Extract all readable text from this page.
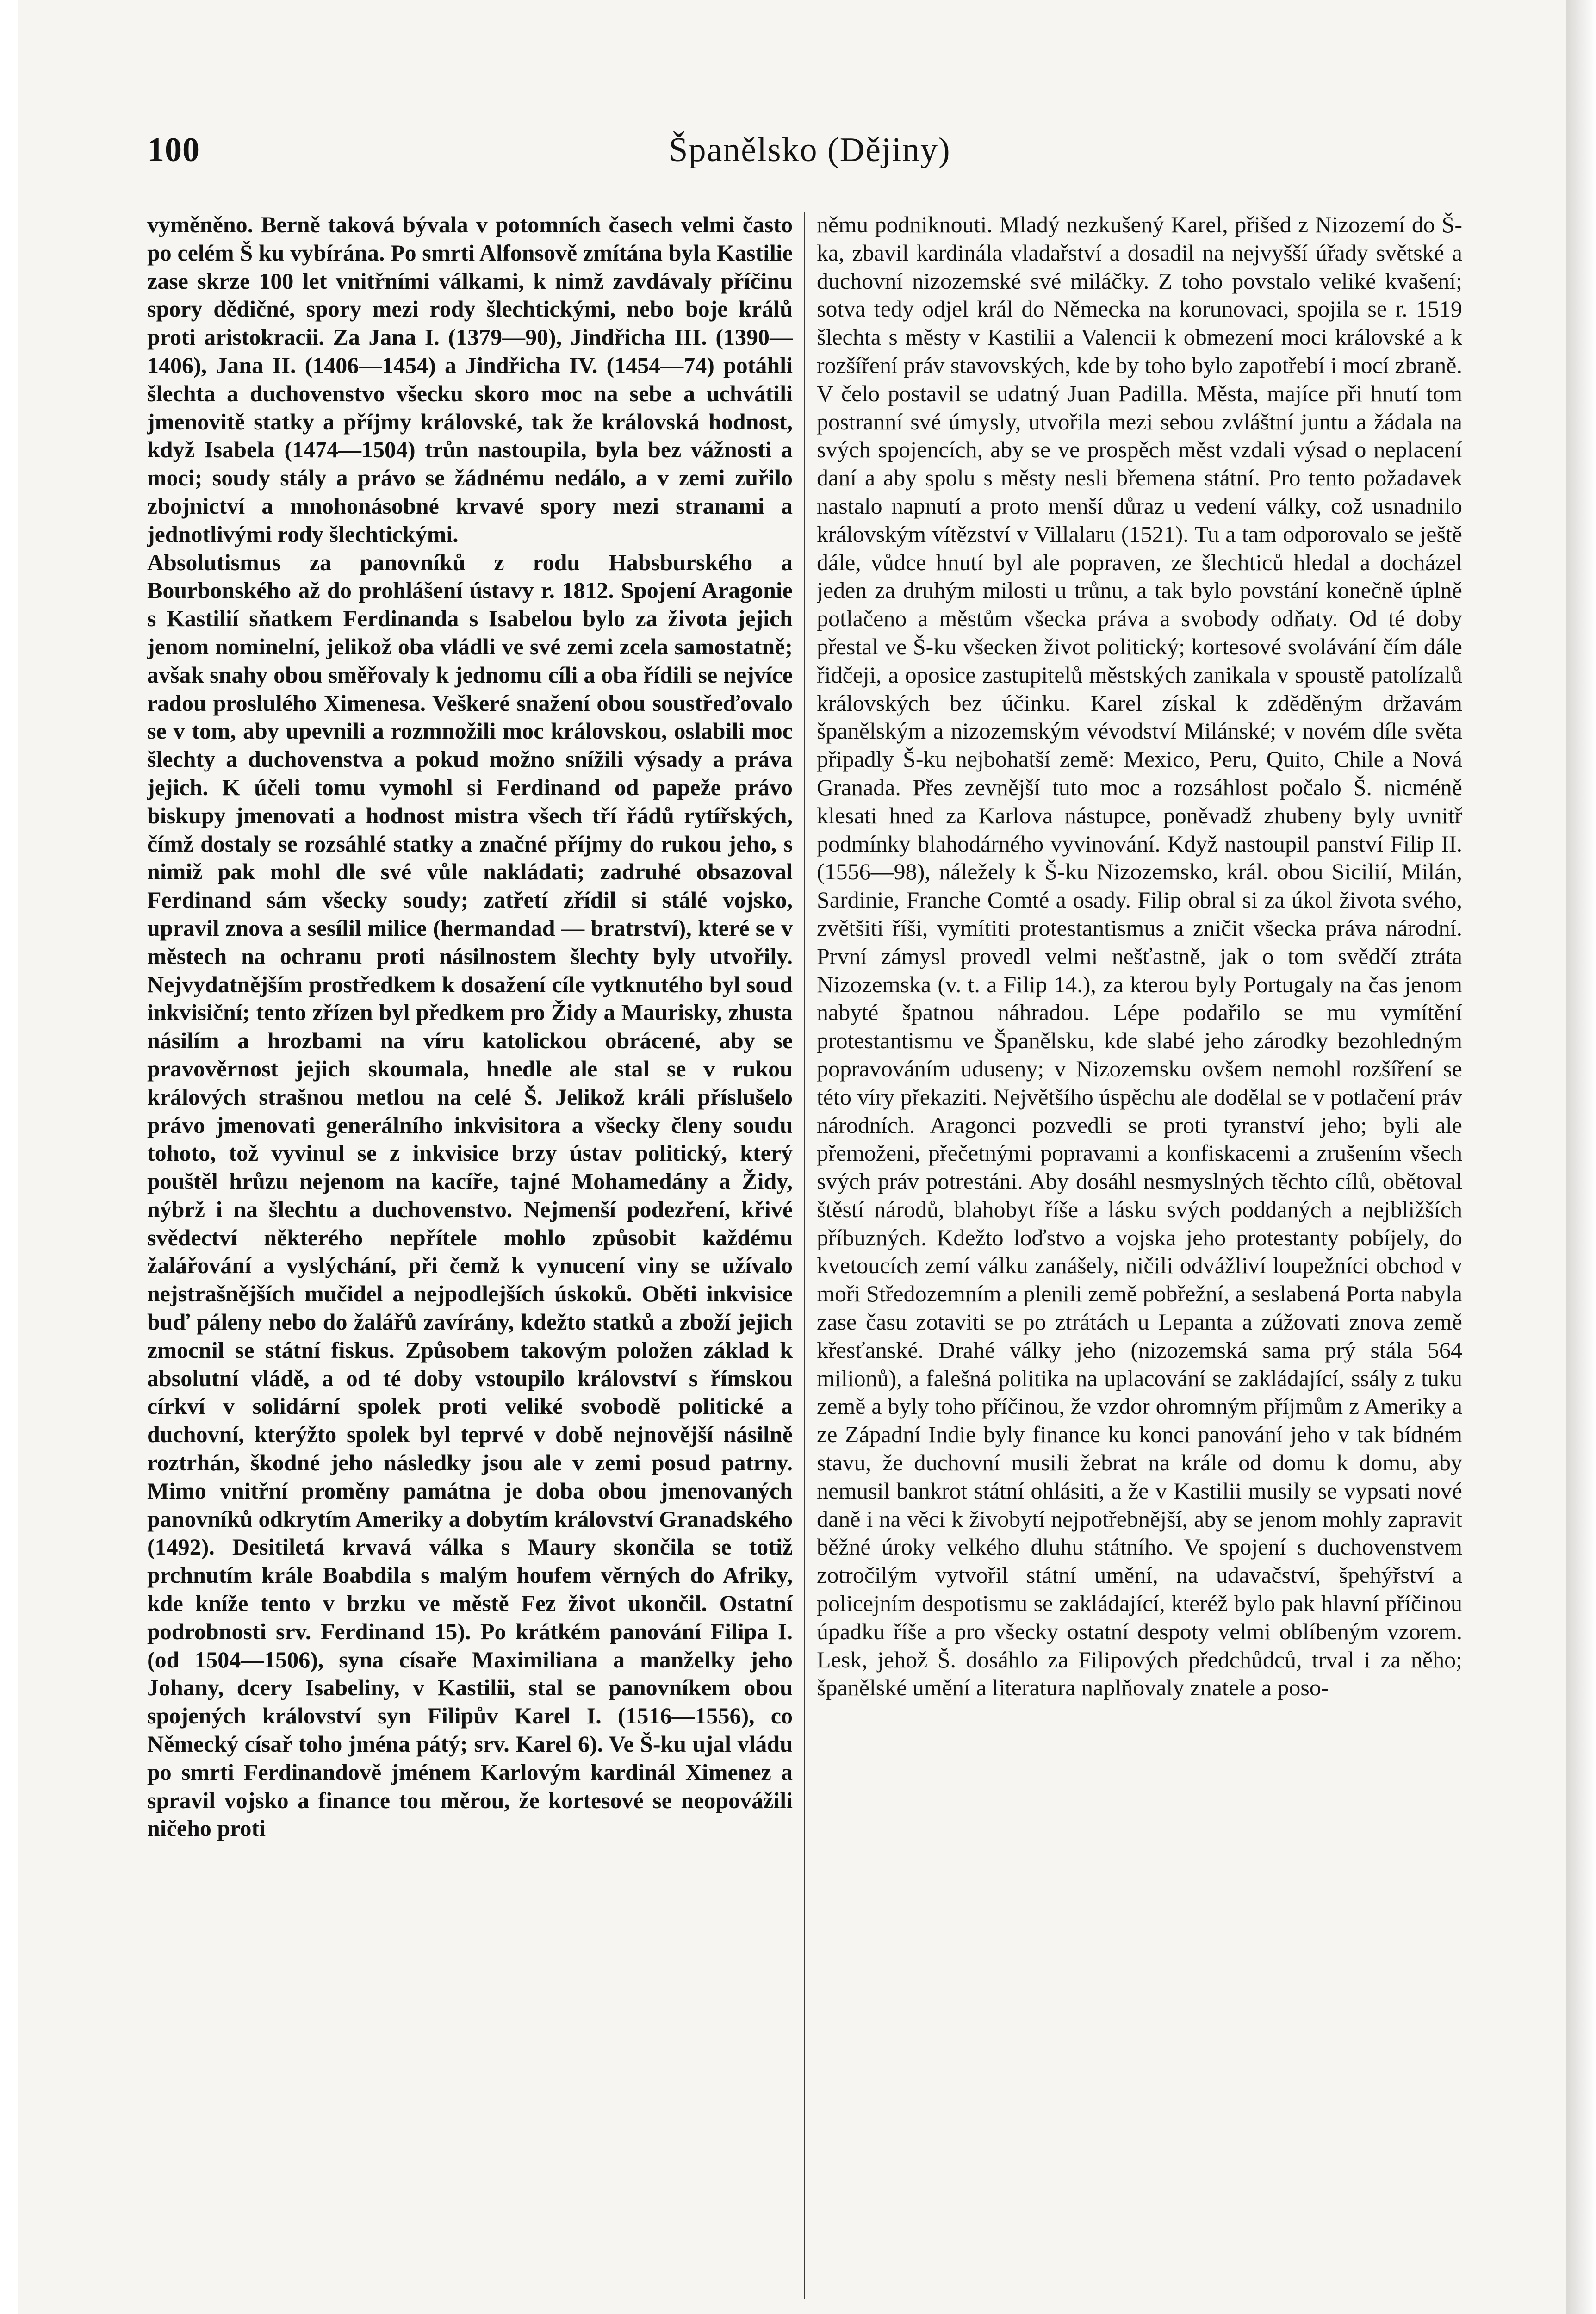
100	Španělsko (Dějiny)

vyměněno. Berně taková bývala v potomních časech velmi často po celém Š ku vybírána. Po smrti Alfonsově zmítána byla Kastilie zase skrze 100 let vnitřními válkami, k nimž zavdávaly příčinu spory dědičné, spory mezi rody šlechtickými, nebo boje králů proti aristokracii. Za Jana I. (1379—90), Jindřicha III. (1390—1406), Jana II. (1406—1454) a Jindřicha IV. (1454—74) potáhli šlechta a duchovenstvo všecku skoro moc na sebe a uchvátili jmenovitě statky a příjmy královské, tak že královská hodnost, když Isabela (1474—1504) trůn nastoupila, byla bez vážnosti a moci; soudy stály a právo se žádnému nedálo, a v zemi zuřilo zbojnictví a mnohonásobné krvavé spory mezi stranami a jednotlivými rody šlechtickými.

Absolutismus za panovníků z rodu Habsburského a Bourbonského až do prohlášení ústavy r. 1812. Spojení Aragonie s Kastilií sňatkem Ferdinanda s Isabelou bylo za života jejich jenom nominelní, jelikož oba vládli ve své zemi zcela samostatně; avšak snahy obou směřovaly k jednomu cíli a oba řídili se nejvíce radou proslulého Ximenesa. Veškeré snažení obou soustřeďovalo se v tom, aby upevnili a rozmnožili moc královskou, oslabili moc šlechty a duchovenstva a pokud možno snížili výsady a práva jejich. K účeli tomu vymohl si Ferdinand od papeže právo biskupy jmenovati a hodnost mistra všech tří řádů rytířských, čímž dostaly se rozsáhlé statky a značné příjmy do rukou jeho, s nimiž pak mohl dle své vůle nakládati; zadruhé obsazoval Ferdinand sám všecky soudy; zatřetí zřídil si stálé vojsko, upravil znova a sesílil milice (hermandad — bratrství), které se v městech na ochranu proti násilnostem šlechty byly utvořily. Nejvydatnějším prostředkem k dosažení cíle vytknutého byl soud inkvisiční; tento zřízen byl předkem pro Židy a Maurisky, zhusta násilím a hrozbami na víru katolickou obrácené, aby se pravověrnost jejich skoumala, hnedle ale stal se v rukou králových strašnou metlou na celé Š. Jelikož králi příslušelo právo jmenovati generálního inkvisitora a všecky členy soudu tohoto, tož vyvinul se z inkvisice brzy ústav politický, který pouštěl hrůzu nejenom na kacíře, tajné Mohamedány a Židy, nýbrž i na šlechtu a duchovenstvo. Nejmenší podezření, křivé svědectví některého nepřítele mohlo způsobit každému žalářování a vyslýchání, při čemž k vynucení viny se užívalo nejstrašnějších mučidel a nejpodlejších úskoků. Oběti inkvisice buď páleny nebo do žalářů zavírány, kdežto statků a zboží jejich zmocnil se státní fiskus. Způsobem takovým položen základ k absolutní vládě, a od té doby vstoupilo království s římskou církví v solidární spolek proti veliké svobodě politické a duchovní, kterýžto spolek byl teprvé v době nejnovější násilně roztrhán, škodné jeho následky jsou ale v zemi posud patrny. Mimo vnitřní proměny památna je doba obou jmenovaných panovníků odkrytím Ameriky a dobytím království Granadského (1492). Desitiletá krvavá válka s Maury skončila se totiž prchnutím krále Boabdila s malým houfem věrných do Afriky, kde kníže tento v brzku ve městě Fez život ukončil. Ostatní podrobnosti srv. Ferdinand 15). Po krátkém panování Filipa I. (od 1504—1506), syna císaře Maximiliana a manželky jeho Johany, dcery Isabeliny, v Kastilii, stal se panovníkem obou spojených království syn Filipův Karel I. (1516—1556), co Německý císař toho jména pátý; srv. Karel 6). Ve Š-ku ujal vládu po smrti Ferdinandově jménem Karlovým kardinál Ximenez a spravil vojsko a finance tou měrou, že kortesové se neopovážili ničeho proti

němu podniknouti. Mladý nezkušený Karel, přišed z Nizozemí do Š-ka, zbavil kardinála vladařství a dosadil na nejvyšší úřady světské a duchovní nizozemské své miláčky. Z toho povstalo veliké kvašení; sotva tedy odjel král do Německa na korunovaci, spojila se r. 1519 šlechta s městy v Kastilii a Valencii k obmezení moci královské a k rozšíření práv stavovských, kde by toho bylo zapotřebí i mocí zbraně. V čelo postavil se udatný Juan Padilla. Města, majíce při hnutí tom postranní své úmysly, utvořila mezi sebou zvláštní juntu a žádala na svých spojencích, aby se ve prospěch měst vzdali výsad o neplacení daní a aby spolu s městy nesli břemena státní. Pro tento požadavek nastalo napnutí a proto menší důraz u vedení války, což usnadnilo královským vítězství v Villalaru (1521). Tu a tam odporovalo se ještě dále, vůdce hnutí byl ale popraven, ze šlechticů hledal a docházel jeden za druhým milosti u trůnu, a tak bylo povstání konečně úplně potlačeno a městům všecka práva a svobody odňaty. Od té doby přestal ve Š-ku všecken život politický; kortesové svolávání čím dále řidčeji, a oposice zastupitelů městských zanikala v spoustě patolízalů královských bez účinku. Karel získal k zděděným državám španělským a nizozemským vévodství Milánské; v novém díle světa připadly Š-ku nejbohatší země: Mexico, Peru, Quito, Chile a Nová Granada. Přes zevnější tuto moc a rozsáhlost počalo Š. nicméně klesati hned za Karlova nástupce, poněvadž zhubeny byly uvnitř podmínky blahodárného vyvinování. Když nastoupil panství Filip II. (1556—98), náležely k Š-ku Nizozemsko, král. obou Sicilií, Milán, Sardinie, Franche Comté a osady. Filip obral si za úkol života svého, zvětšiti říši, vymítiti protestantismus a zničit všecka práva národní. První zámysl provedl velmi nešťastně, jak o tom svědčí ztráta Nizozemska (v. t. a Filip 14.), za kterou byly Portugaly na čas jenom nabyté špatnou náhradou. Lépe podařilo se mu vymítění protestantismu ve Španělsku, kde slabé jeho zárodky bezohledným popravováním uduseny; v Nizozemsku ovšem nemohl rozšíření se této víry překaziti. Největšího úspěchu ale dodělal se v potlačení práv národních. Aragonci pozvedli se proti tyranství jeho; byli ale přemoženi, přečetnými popravami a konfiskacemi a zrušením všech svých práv potrestáni. Aby dosáhl nesmyslných těchto cílů, obětoval štěstí národů, blahobyt říše a lásku svých poddaných a nejbližších příbuzných. Kdežto loďstvo a vojska jeho protestanty pobíjely, do kvetoucích zemí válku zanášely, ničili odvážliví loupežníci obchod v moři Středozemním a plenili země pobřežní, a seslabená Porta nabyla zase času zotaviti se po ztrátách u Lepanta a zúžovati znova země křesťanské. Drahé války jeho (nizozemská sama prý stála 564 milionů), a falešná politika na uplacování se zakládající, ssály z tuku země a byly toho příčinou, že vzdor ohromným příjmům z Ameriky a ze Západní Indie byly finance ku konci panování jeho v tak bídném stavu, že duchovní musili žebrat na krále od domu k domu, aby nemusil bankrot státní ohlásiti, a že v Kastilii musily se vypsati nové daně i na věci k živobytí nejpotřebnější, aby se jenom mohly zapravit běžné úroky velkého dluhu státního. Ve spojení s duchovenstvem zotročilým vytvořil státní umění, na udavačství, špehýřství a policejním despotismu se zakládající, kteréž bylo pak hlavní příčinou úpadku říše a pro všecky ostatní despoty velmi oblíbeným vzorem. Lesk, jehož Š. dosáhlo za Filipových předchůdců, trval i za něho; španělské umění a literatura naplňovaly znatele a poso-
